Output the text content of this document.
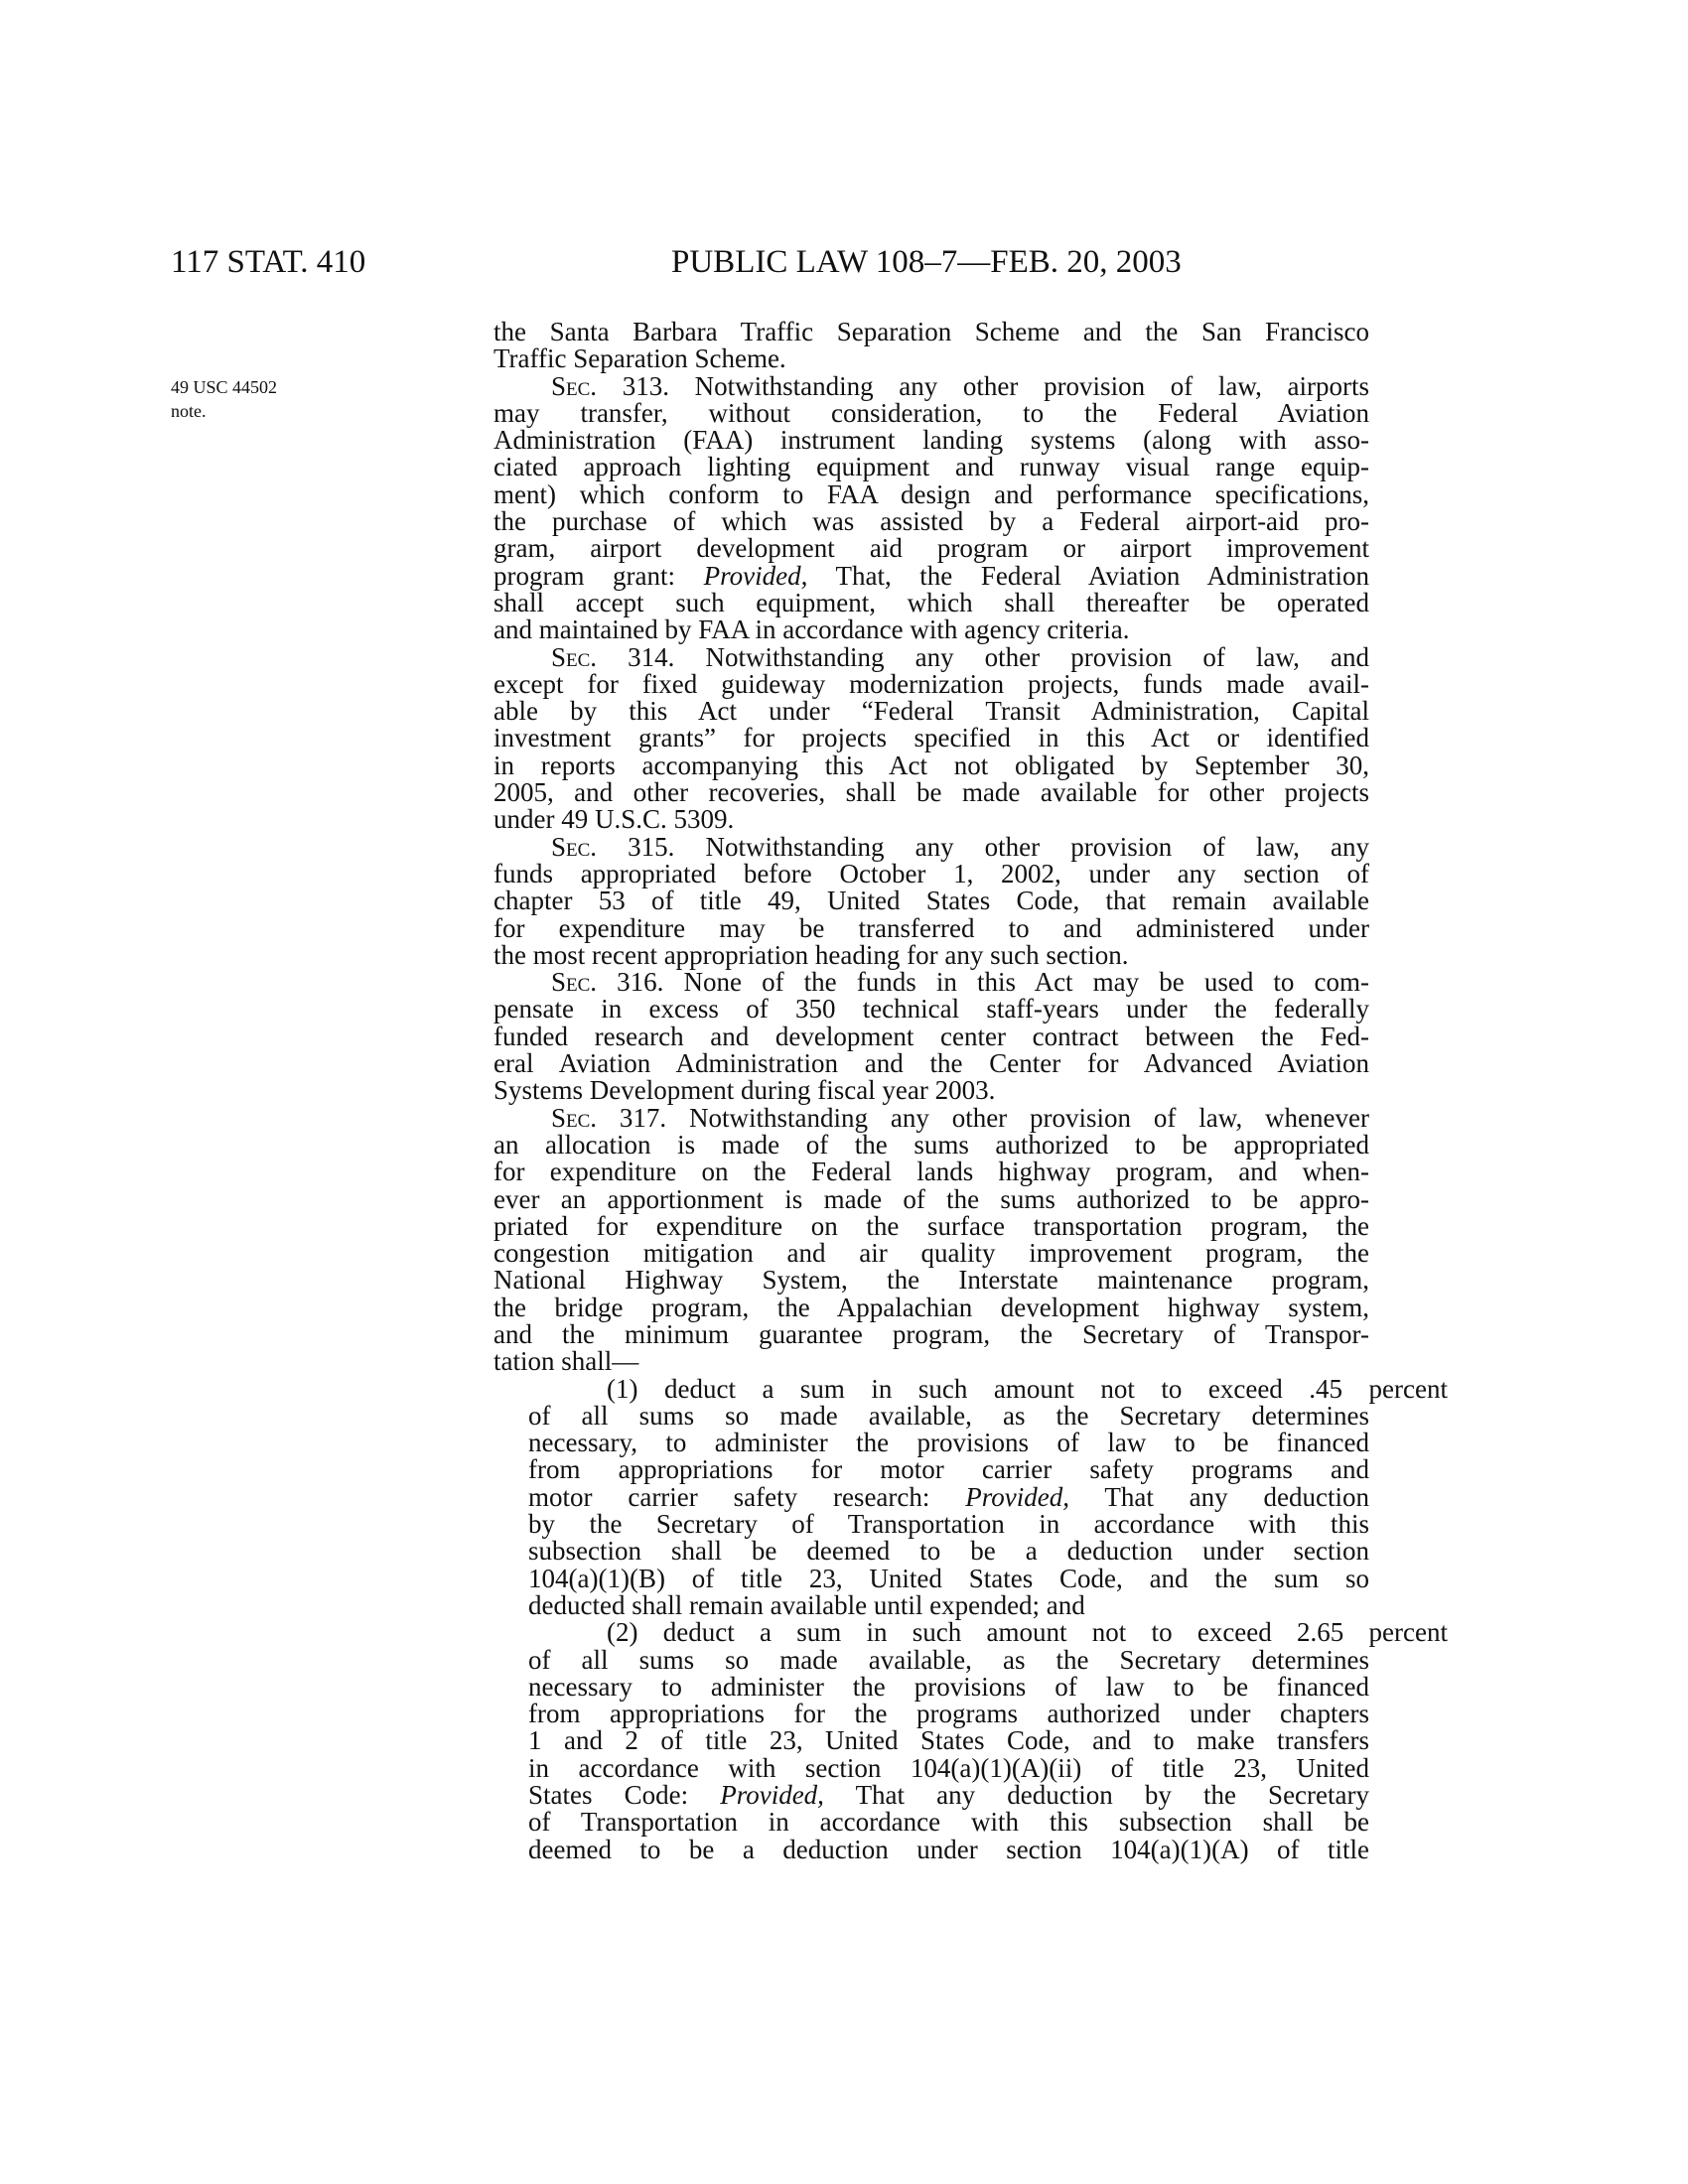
117 STAT. 410	PUBLIC LAW 108–7—FEB. 20, 2003
49 USC 44502
note.
the Santa Barbara Traffic Separation Scheme and the San Francisco
Traffic Separation Scheme.
Sec. 313. Notwithstanding any other provision of law, airports
may transfer, without consideration, to the Federal Aviation
Administration (FAA) instrument landing systems (along with asso-
ciated approach lighting equipment and runway visual range equip-
ment) which conform to FAA design and performance specifications,
the purchase of which was assisted by a Federal airport-aid pro-
gram, airport development aid program or airport improvement
program grant: Provided, That, the Federal Aviation Administration
shall accept such equipment, which shall thereafter be operated
and maintained by FAA in accordance with agency criteria.
Sec. 314. Notwithstanding any other provision of law, and
except for fixed guideway modernization projects, funds made avail-
able by this Act under “Federal Transit Administration, Capital
investment grants” for projects specified in this Act or identified
in reports accompanying this Act not obligated by September 30,
2005, and other recoveries, shall be made available for other projects
under 49 U.S.C. 5309.
Sec. 315. Notwithstanding any other provision of law, any
funds appropriated before October 1, 2002, under any section of
chapter 53 of title 49, United States Code, that remain available
for expenditure may be transferred to and administered under
the most recent appropriation heading for any such section.
Sec. 316. None of the funds in this Act may be used to com-
pensate in excess of 350 technical staff-years under the federally
funded research and development center contract between the Fed-
eral Aviation Administration and the Center for Advanced Aviation
Systems Development during fiscal year 2003.
Sec. 317. Notwithstanding any other provision of law, whenever
an allocation is made of the sums authorized to be appropriated
for expenditure on the Federal lands highway program, and when-
ever an apportionment is made of the sums authorized to be appro-
priated for expenditure on the surface transportation program, the
congestion mitigation and air quality improvement program, the
National Highway System, the Interstate maintenance program,
the bridge program, the Appalachian development highway system,
and the minimum guarantee program, the Secretary of Transpor-
tation shall—
(1) deduct a sum in such amount not to exceed .45 percent
of all sums so made available, as the Secretary determines
necessary, to administer the provisions of law to be financed
from appropriations for motor carrier safety programs and
motor carrier safety research: Provided, That any deduction
by the Secretary of Transportation in accordance with this
subsection shall be deemed to be a deduction under section
104(a)(1)(B) of title 23, United States Code, and the sum so
deducted shall remain available until expended; and
(2) deduct a sum in such amount not to exceed 2.65 percent
of all sums so made available, as the Secretary determines
necessary to administer the provisions of law to be financed
from appropriations for the programs authorized under chapters
1 and 2 of title 23, United States Code, and to make transfers
in accordance with section 104(a)(1)(A)(ii) of title 23, United
States Code: Provided, That any deduction by the Secretary
of Transportation in accordance with this subsection shall be
deemed to be a deduction under section 104(a)(1)(A) of title
